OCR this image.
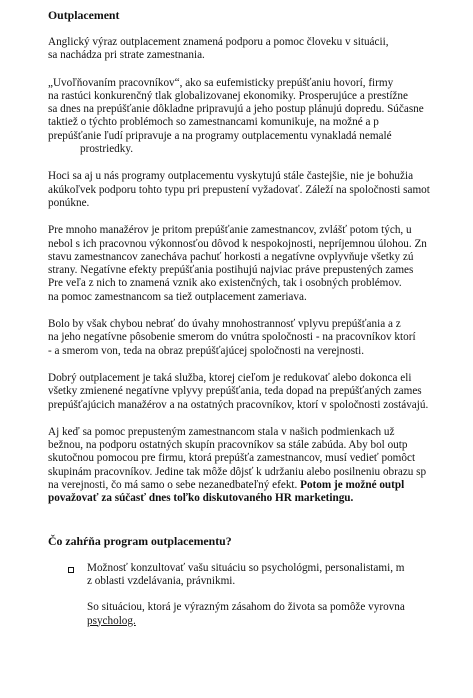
Outplacement

Anglický výraz outplacement znamená podporu a pomoc človeku v situácii,
sa nachádza pri strate zamestnania.
„Uvoľňovaním pracovníkov“, ako sa eufemisticky prepúšťaniu hovorí, firmy
na rastúci konkurenčný tlak globalizovanej ekonomiky. Prosperujúce a prestížne
sa dnes na prepúšťanie dôkladne pripravujú a jeho postup plánujú dopredu. Súčasne
taktiež o týchto problémoch so zamestnancami komunikuje, na možné a p
prepúšťanie ľudí pripravuje a na programy outplacementu vynakladá nemalé
prostriedky.
Hoci sa aj u nás programy outplacementu vyskytujú stále častejšie, nie je bohužia
akúkoľvek podporu tohto typu pri prepustení vyžadovať. Záleží na spoločnosti samot
ponúkne.
Pre mnoho manažérov je pritom prepúšťanie zamestnancov, zvlášť potom tých, u
nebol s ich pracovnou výkonnosťou dôvod k nespokojnosti, nepríjemnou úlohou. Zn
stavu zamestnancov zanecháva pachuť horkosti a negatívne ovplyvňuje všetky zú
strany. Negatívne efekty prepúšťania postihujú najviac práve prepustených zames
Pre veľa z nich to znamená vznik ako existenčných, tak i osobných problémov.
na pomoc zamestnancom sa tiež outplacement zameriava.
Bolo by však chybou nebrať do úvahy mnohostrannosť vplyvu prepúšťania a z
na jeho negatívne pôsobenie smerom do vnútra spoločnosti - na pracovníkov ktorí
- a smerom von, teda na obraz prepúšťajúcej spoločnosti na verejnosti.
Dobrý outplacement je taká služba, ktorej cieľom je redukovať alebo dokonca eli
všetky zmienené negatívne vplyvy prepúšťania, teda dopad na prepúšťaných zames
prepúšťajúcich manažérov a na ostatných pracovníkov, ktorí v spoločnosti zostávajú.
Aj keď sa pomoc prepusteným zamestnancom stala v našich podmienkach už
bežnou, na podporu ostatných skupín pracovníkov sa stále zabúda. Aby bol outp
skutočnou pomocou pre firmu, ktorá prepúšťa zamestnancov, musí vedieť pomôct
skupinám pracovníkov. Jedine tak môže dôjsť k udržaniu alebo posilneniu obrazu sp
na verejnosti, čo má samo o sebe nezanedbateľný efekt. Potom je možné outpl
považovať za súčasť dnes toľko diskutovaného HR marketingu.

Čo zahŕňa program outplacementu?

Možnosť konzultovať vašu situáciu so psychológmi, personalistami, m
z oblasti vzdelávania, právnikmi.
So situáciou, ktorá je výrazným zásahom do života sa pomôže vyrovna
psycholog.
